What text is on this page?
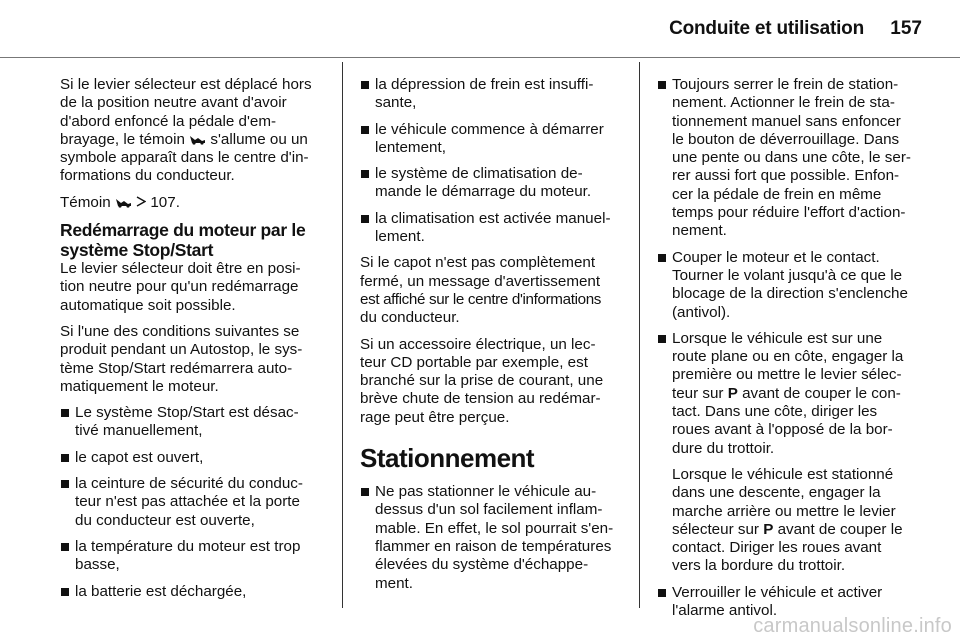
Conduite et utilisation 157

Si le levier sélecteur est déplacé hors
de la position neutre avant d'avoir
d'abord enfoncé la pédale d'em-
brayage, le témoin s'allume ou un
symbole apparaît dans le centre d'in-
formations du conducteur.

Témoin	107.

Redémarrage du moteur par le
système Stop/Start

Le levier sélecteur doit être en posi-
tion neutre pour qu'un redémarrage
automatique soit possible.

Si l'une des conditions suivantes se
produit pendant un Autostop, le sys-
tème Stop/Start redémarrera auto-
matiquement le moteur.

Le système Stop/Start est désac-
tivé manuellement,
le capot est ouvert,
la ceinture de sécurité du conduc-
teur n'est pas attachée et la porte
du conducteur est ouverte,
la température du moteur est trop
basse,
la batterie est déchargée,
la dépression de frein est insuffi-
sante,
le véhicule commence à démarrer
lentement,
le système de climatisation de-
mande le démarrage du moteur.
la climatisation est activée manuel-
lement.

Si le capot n'est pas complètement
fermé, un message d'avertissement
est affiché sur le centre d'informations
du conducteur.

Si un accessoire électrique, un lec-
teur CD portable par exemple, est
branché sur la prise de courant, une
brève chute de tension au redémar-
rage peut être perçue.

Stationnement
Ne pas stationner le véhicule au-
dessus d'un sol facilement inflam-
mable. En effet, le sol pourrait s'en-
flammer en raison de températures
élevées du système d'échappe-
ment.
Toujours serrer le frein de station-
nement. Actionner le frein de sta-
tionnement manuel sans enfoncer
le bouton de déverrouillage. Dans
une pente ou dans une côte, le ser-
rer aussi fort que possible. Enfon-
cer la pédale de frein en même
temps pour réduire l'effort d'action-
nement.
Couper le moteur et le contact.
Tourner le volant jusqu'à ce que le
blocage de la direction s'enclenche
(antivol).
Lorsque le véhicule est sur une
route plane ou en côte, engager la
première ou mettre le levier sélec-
teur sur P avant de couper le con-
tact. Dans une côte, diriger les
roues avant à l'opposé de la bor-
dure du trottoir.
Lorsque le véhicule est stationné
dans une descente, engager la
marche arrière ou mettre le levier
sélecteur sur P avant de couper le
contact. Diriger les roues avant
vers la bordure du trottoir.
Verrouiller le véhicule et activer
l'alarme antivol.
carmanualsonline.info
